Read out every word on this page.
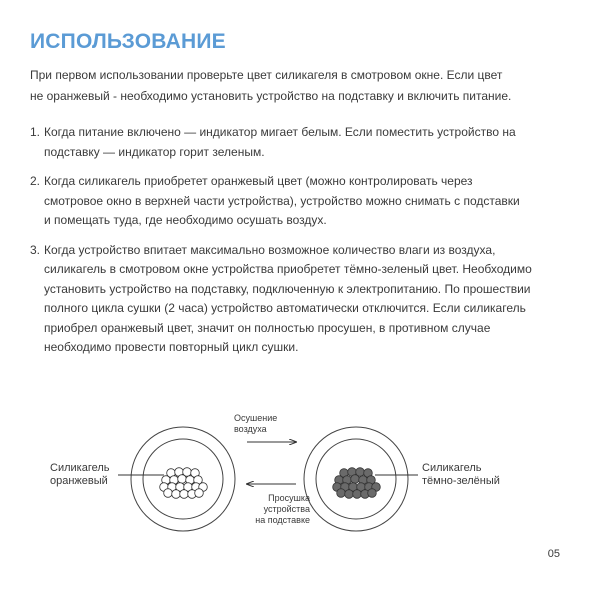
ИСПОЛЬЗОВАНИЕ

При первом использовании проверьте цвет силикагеля в смотровом окне. Если цвет
не оранжевый - необходимо установить устройство на подставку и включить питание.

1. Когда питание включено — индикатор мигает белым. Если поместить устройство на
подставку — индикатор горит зеленым.
2. Когда силикагель приобретет оранжевый цвет (можно контролировать через
смотровое окно в верхней части устройства), устройство можно снимать с подставки
и помещать туда, где необходимо осушать воздух.
3. Когда устройство впитает максимально возможное количество влаги из воздуха,
силикагель в смотровом окне устройства приобретет тёмно-зеленый цвет. Необходимо
установить устройство на подставку, подключенную к электропитанию. По прошествии
полного цикла сушки (2 часа) устройство автоматически отключится. Если силикагель
приобрел оранжевый цвет, значит он полностью просушен, в противном случае
необходимо провести повторный цикл сушки.
Силикагель
оранжевый
Силикагель
тёмно-зелёный
Осушение
воздуха
Просушка
устройства
на подставке
05
